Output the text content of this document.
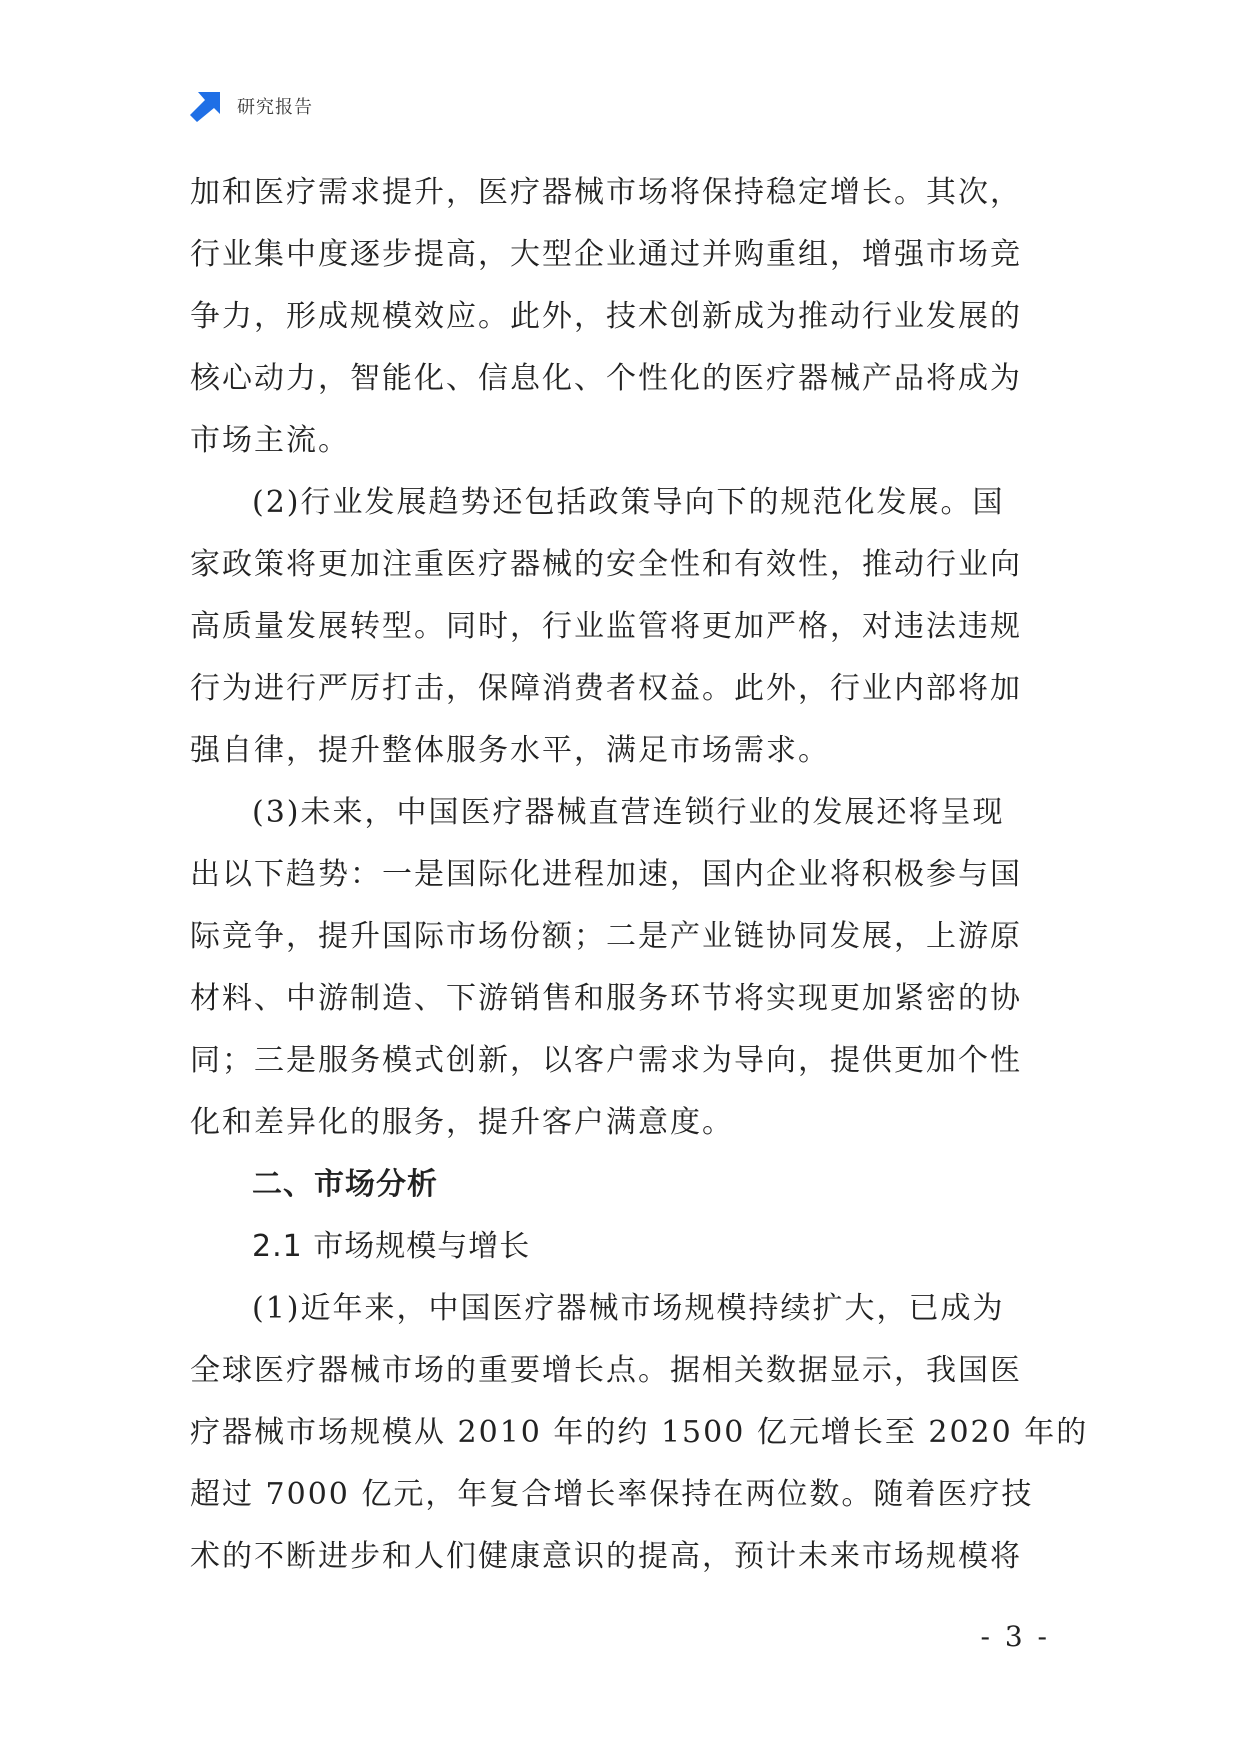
研究报告
加和医疗需求提升，医疗器械市场将保持稳定增长。其次，
行业集中度逐步提高，大型企业通过并购重组，增强市场竞
争力，形成规模效应。此外，技术创新成为推动行业发展的
核心动力，智能化、信息化、个性化的医疗器械产品将成为
市场主流。
(2)行业发展趋势还包括政策导向下的规范化发展。国
家政策将更加注重医疗器械的安全性和有效性，推动行业向
高质量发展转型。同时，行业监管将更加严格，对违法违规
行为进行严厉打击，保障消费者权益。此外，行业内部将加
强自律，提升整体服务水平，满足市场需求。
(3)未来，中国医疗器械直营连锁行业的发展还将呈现
出以下趋势：一是国际化进程加速，国内企业将积极参与国
际竞争，提升国际市场份额；二是产业链协同发展，上游原
材料、中游制造、下游销售和服务环节将实现更加紧密的协
同；三是服务模式创新，以客户需求为导向，提供更加个性
化和差异化的服务，提升客户满意度。
二、市场分析
2.1 市场规模与增长
(1)近年来，中国医疗器械市场规模持续扩大，已成为
全球医疗器械市场的重要增长点。据相关数据显示，我国医
疗器械市场规模从 2010 年的约 1500 亿元增长至 2020 年的
超过 7000 亿元，年复合增长率保持在两位数。随着医疗技
术的不断进步和人们健康意识的提高，预计未来市场规模将
- 3 -
